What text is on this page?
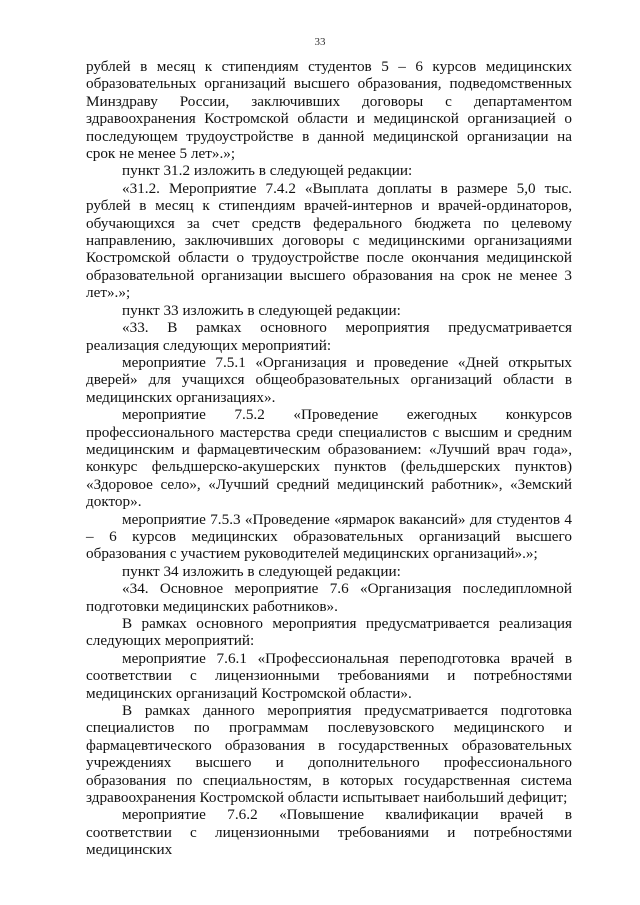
33

рублей в месяц к стипендиям студентов 5 – 6 курсов медицинских образовательных организаций высшего образования, подведомственных Минздраву России, заключивших договоры с департаментом здравоохранения Костромской области и медицинской организацией о последующем трудоустройстве в данной медицинской организации на срок не менее 5 лет».»;

пункт 31.2 изложить в следующей редакции:

«31.2. Мероприятие 7.4.2 «Выплата доплаты в размере 5,0 тыс. рублей в месяц к стипендиям врачей-интернов и врачей-ординаторов, обучающихся за счет средств федерального бюджета по целевому направлению, заключивших договоры с медицинскими организациями Костромской области о трудоустройстве после окончания медицинской образовательной организации высшего образования на срок не менее 3 лет».»;

пункт 33 изложить в следующей редакции:

«33. В рамках основного мероприятия предусматривается реализация следующих мероприятий:

мероприятие 7.5.1 «Организация и проведение «Дней открытых дверей» для учащихся общеобразовательных организаций области в медицинских организациях».

мероприятие 7.5.2 «Проведение ежегодных конкурсов профессионального мастерства среди специалистов с высшим и средним медицинским и фармацевтическим образованием: «Лучший врач года», конкурс фельдшерско-акушерских пунктов (фельдшерских пунктов) «Здоровое село», «Лучший средний медицинский работник», «Земский доктор».

мероприятие 7.5.3 «Проведение «ярмарок вакансий» для студентов 4 – 6 курсов медицинских образовательных организаций высшего образования с участием руководителей медицинских организаций».»;

пункт 34 изложить в следующей редакции:

«34. Основное мероприятие 7.6 «Организация последипломной подготовки медицинских работников».

В рамках основного мероприятия предусматривается реализация следующих мероприятий:

мероприятие 7.6.1 «Профессиональная переподготовка врачей в соответствии с лицензионными требованиями и потребностями медицинских организаций Костромской области».

В рамках данного мероприятия предусматривается подготовка специалистов по программам послевузовского медицинского и фармацевтического образования в государственных образовательных учреждениях высшего и дополнительного профессионального образования по специальностям, в которых государственная система здравоохранения Костромской области испытывает наибольший дефицит;

мероприятие 7.6.2 «Повышение квалификации врачей в соответствии с лицензионными требованиями и потребностями медицинских
